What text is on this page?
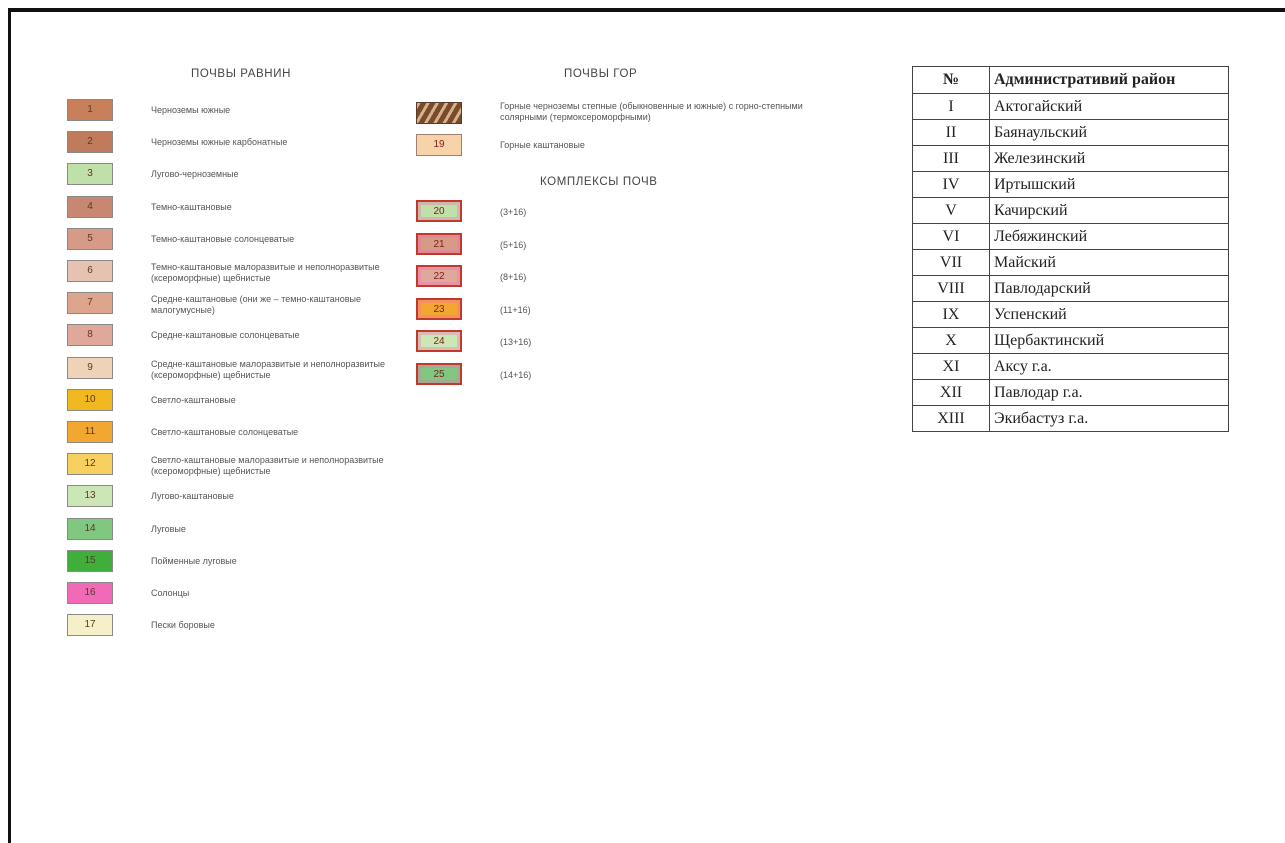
ПОЧВЫ РАВНИН
1	Черноземы южные
2	Черноземы южные карбонатные
3	Лугово-черноземные
4	Темно-каштановые
5	Темно-каштановые солонцеватые
6	Темно-каштановые малоразвитые и неполноразвитые (ксероморфные) щебнистые
7	Средне-каштановые (они же – темно-каштановые малогумусные)
8	Средне-каштановые солонцеватые
9	Средне-каштановые малоразвитые и неполноразвитые (ксероморфные) щебнистые
10	Светло-каштановые
11	Светло-каштановые солонцеватые
12	Светло-каштановые малоразвитые и неполноразвитые (ксероморфные) щебнистые
13	Лугово-каштановые
14	Луговые
15	Пойменные луговые
16	Солонцы
17	Пески боровые
ПОЧВЫ ГОР
Горные черноземы степные (обыкновенные и южные) с горно-степными солярными (термоксероморфными)
19	Горные каштановые
КОМПЛЕКСЫ ПОЧВ
20	(3+16)
21	(5+16)
22	(8+16)
23	(11+16)
24	(13+16)
25	(14+16)
№	Административий район
I	Актогайский
II	Баянаульский
III	Железинский
IV	Иртышский
V	Качирский
VI	Лебяжинский
VII	Майский
VIII	Павлодарский
IX	Успенский
X	Щербактинский
XI	Аксу г.а.
XII	Павлодар г.а.
XIII	Экибастуз г.а.
